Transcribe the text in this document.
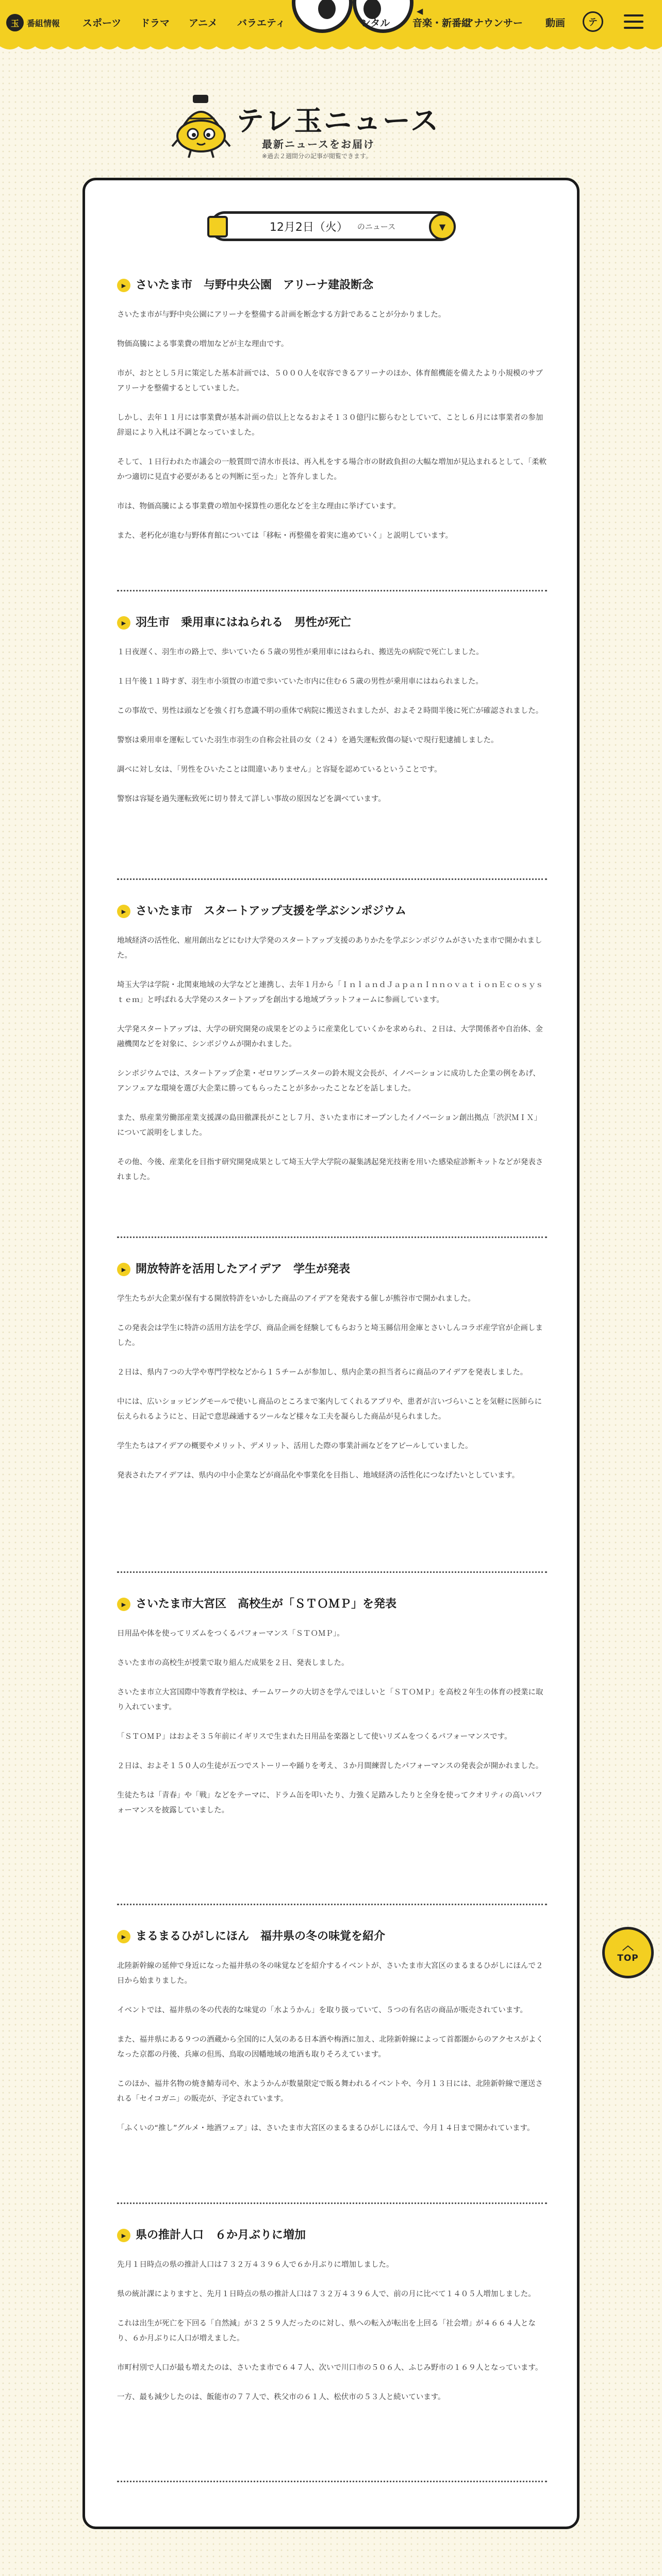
玉 番組情報 スポーツ ドラマ アニメ バラエティ
◀
ンタル 音楽・新番組
アナウンサー 動画	テ
テレ玉ニュース
最新ニュースをお届け
※過去２週間分の記事が閲覧できます。
12月2日（火） のニュース	▼
▶ さいたま市　与野中央公園　アリーナ建設断念

さいたま市が与野中央公園にアリーナを整備する計画を断念する方針であることが分かりました。

物価高騰による事業費の増加などが主な理由です。

市が、おととし５月に策定した基本計画では、５０００人を収容できるアリーナのほか、体育館機能を備えたより小規模のサブアリーナを整備するとしていました。

しかし、去年１１月には事業費が基本計画の倍以上となるおよそ１３０億円に膨らむとしていて、ことし６月には事業者の参加辞退により入札は不調となっていました。

そして、１日行われた市議会の一般質問で清水市長は、再入札をする場合市の財政負担の大幅な増加が見込まれるとして、「柔軟かつ適切に見直す必要があるとの判断に至った」と答弁しました。

市は、物価高騰による事業費の増加や採算性の悪化などを主な理由に挙げています。

また、老朽化が進む与野体育館については「移転・再整備を着実に進めていく」と説明しています。

▶ 羽生市　乗用車にはねられる　男性が死亡

１日夜遅く、羽生市の路上で、歩いていた６５歳の男性が乗用車にはねられ、搬送先の病院で死亡しました。

１日午後１１時すぎ、羽生市小須賀の市道で歩いていた市内に住む６５歳の男性が乗用車にはねられました。

この事故で、男性は頭などを強く打ち意識不明の重体で病院に搬送されましたが、およそ２時間半後に死亡が確認されました。

警察は乗用車を運転していた羽生市羽生の自称会社員の女（２４）を過失運転致傷の疑いで現行犯逮捕しました。

調べに対し女は、「男性をひいたことは間違いありません」と容疑を認めているということです。

警察は容疑を過失運転致死に切り替えて詳しい事故の原因などを調べています。

▶ さいたま市　スタートアップ支援を学ぶシンポジウム

地域経済の活性化、雇用創出などにむけ大学発のスタートアップ支援のありかたを学ぶシンポジウムがさいたま市で開かれました。

埼玉大学は学院・北関東地域の大学などと連携し、去年１月から「ＩｎｌａｎｄＪａｐａｎＩｎｎｏｖａｔｉｏｎＥｃｏｓｙｓｔｅｍ」と呼ばれる大学発のスタートアップを創出する地域プラットフォームに参画しています。

大学発スタートアップは、大学の研究開発の成果をどのように産業化していくかを求められ、２日は、大学関係者や自治体、金融機関などを対象に、シンポジウムが開かれました。

シンポジウムでは、スタートアップ企業・ゼロワンブースターの鈴木規文会長が、イノベーションに成功した企業の例をあげ、アンフェアな環境を選び大企業に勝ってもらったことが多かったことなどを話しました。

また、県産業労働部産業支援課の島田徹課長がことし７月、さいたま市にオープンしたイノベーション創出拠点「渋沢ＭＩＸ」について説明をしました。

その他、今後、産業化を目指す研究開発成果として埼玉大学大学院の凝集誘起発光技術を用いた感染症診断キットなどが発表されました。

▶ 開放特許を活用したアイデア　学生が発表

学生たちが大企業が保有する開放特許をいかした商品のアイデアを発表する催しが熊谷市で開かれました。

この発表会は学生に特許の活用方法を学び、商品企画を経験してもらおうと埼玉縣信用金庫とさいしんコラボ産学官が企画しました。

２日は、県内７つの大学や専門学校などから１５チームが参加し、県内企業の担当者らに商品のアイデアを発表しました。

中には、広いショッピングモールで使いし商品のところまで案内してくれるアプリや、患者が言いづらいことを気軽に医師らに伝えられるようにと、日記で意思疎通するツールなど様々な工夫を凝らした商品が見られました。

学生たちはアイデアの概要やメリット、デメリット、活用した際の事業計画などをアピールしていました。

発表されたアイデアは、県内の中小企業などが商品化や事業化を目指し、地域経済の活性化につなげたいとしています。

▶ さいたま市大宮区　高校生が「ＳＴＯＭＰ」を発表

日用品や体を使ってリズムをつくるパフォーマンス「ＳＴＯＭＰ」。

さいたま市の高校生が授業で取り組んだ成果を２日、発表しました。

さいたま市立大宮国際中等教育学校は、チームワークの大切さを学んでほしいと「ＳＴＯＭＰ」を高校２年生の体育の授業に取り入れています。

「ＳＴＯＭＰ」はおよそ３５年前にイギリスで生まれた日用品を楽器として使いリズムをつくるパフォーマンスです。

２日は、およそ１５０人の生徒が五つでストーリーや踊りを考え、３か月間練習したパフォーマンスの発表会が開かれました。

生徒たちは「青春」や「戦」などをテーマに、ドラム缶を叩いたり、力強く足踏みしたりと全身を使ってクオリティの高いパフォーマンスを披露していました。

▶ まるまるひがしにほん　福井県の冬の味覚を紹介

北陸新幹線の延伸で身近になった福井県の冬の味覚などを紹介するイベントが、さいたま市大宮区のまるまるひがしにほんで２日から始まりました。

イベントでは、福井県の冬の代表的な味覚の「水ようかん」を取り扱っていて、５つの有名店の商品が販売されています。

また、福井県にある９つの酒蔵から全国的に人気のある日本酒や梅酒に加え、北陸新幹線によって首都圏からのアクセスがよくなった京都の丹後、兵庫の但馬、鳥取の因幡地域の地酒も取りそろえています。

このほか、福井名物の焼き鯖寿司や、氷ようかんが数量限定で販る舞われるイベントや、今月１３日には、北陸新幹線で運送される「セイコガニ」の販売が、予定されています。

「ふくいの“推し”グルメ・地酒フェア」は、さいたま市大宮区のまるまるひがしにほんで、今月１４日まで開かれています。

▶ 県の推計人口　６か月ぶりに増加

先月１日時点の県の推計人口は７３２万４３９６人で６か月ぶりに増加しました。

県の統計課によりますと、先月１日時点の県の推計人口は７３２万４３９６人で、前の月に比べて１４０５人増加しました。

これは出生が死亡を下回る「自然減」が３２５９人だったのに対し、県への転入が転出を上回る「社会増」が４６６４人となり、６か月ぶりに人口が増えました。

市町村別で人口が最も増えたのは、さいたま市で６４７人、次いで川口市の５０６人、ふじみ野市の１６９人となっています。

一方、最も減少したのは、飯能市の７７人で、秩父市の６１人、松伏市の５３人と続いています。

︿
TOP
